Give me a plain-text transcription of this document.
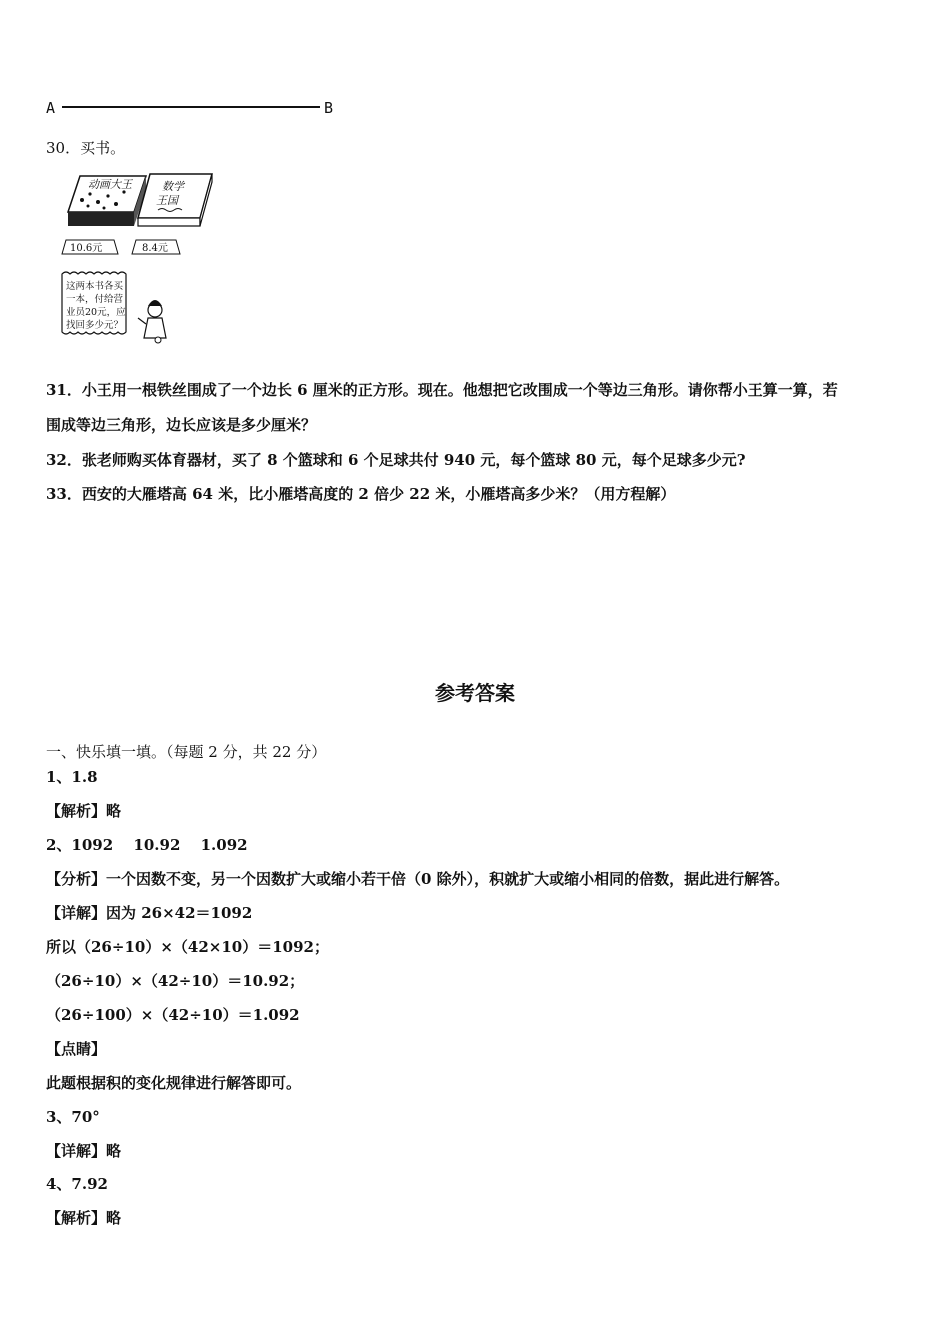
A	B
30．买书。
动画大王
10.6元
数学
王国
8.4元
这两本书各买
一本，付给营
业员20元，应
找回多少元？
31．小王用一根铁丝围成了一个边长 6 厘米的正方形。现在。他想把它改围成一个等边三角形。请你帮小王算一算，若
围成等边三角形，边长应该是多少厘米？
32．张老师购买体育器材，买了 8 个篮球和 6 个足球共付 940 元，每个篮球 80 元，每个足球多少元?
33．西安的大雁塔高 64 米，比小雁塔高度的 2 倍少 22 米，小雁塔高多少米？（用方程解）
参考答案
一、快乐填一填。（每题 2 分，共 22 分）
1、1.8
【解析】略
2、1092　 10.92　 1.092
【分析】一个因数不变，另一个因数扩大或缩小若干倍（0 除外），积就扩大或缩小相同的倍数，据此进行解答。
【详解】因为 26×42＝1092
所以（26÷10）×（42×10）＝1092；
（26÷10）×（42÷10）＝10.92；
（26÷100）×（42÷10）＝1.092
【点睛】
此题根据积的变化规律进行解答即可。
3、70°
【详解】略
4、7.92
【解析】略
